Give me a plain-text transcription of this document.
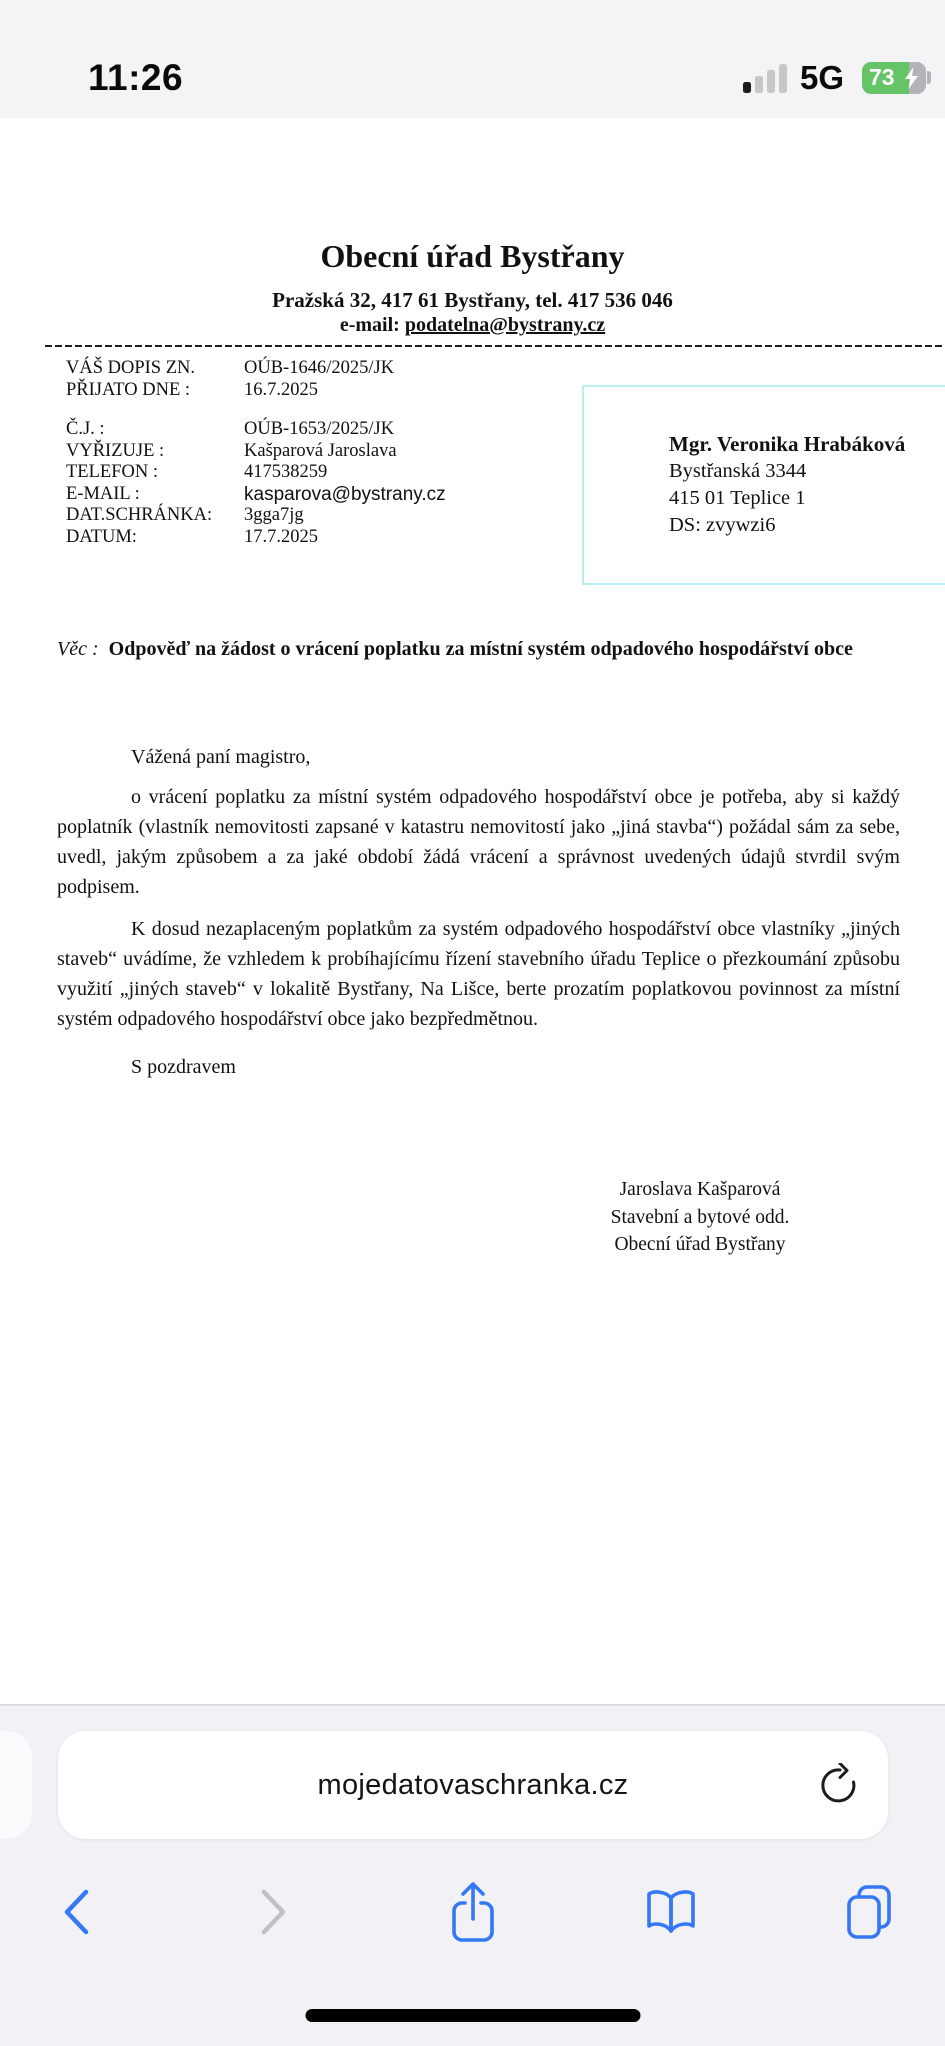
11:26	5G 73
Obecní úřad Bystřany
Pražská 32, 417 61 Bystřany, tel. 417 536 046
e-mail: podatelna@bystrany.cz
VÁŠ DOPIS ZN.	OÚB-1646/2025/JK
PŘIJATO DNE :	16.7.2025
Č.J. :	OÚB-1653/2025/JK
VYŘIZUJE :	Kašparová Jaroslava
TELEFON :	417538259
E-MAIL :	kasparova@bystrany.cz
DAT.SCHRÁNKA:	3gga7jg
DATUM:	17.7.2025
Mgr. Veronika Hrabáková
Bystřanská 3344
415 01 Teplice 1
DS: zvywzi6
Věc : Odpověď na žádost o vrácení poplatku za místní systém odpadového hospodářství obce
Vážená paní magistro,
o vrácení poplatku za místní systém odpadového hospodářství obce je potřeba, aby si každý poplatník (vlastník nemovitosti zapsané v katastru nemovitostí jako „jiná stavba“) požádal sám za sebe, uvedl, jakým způsobem a za jaké období žádá vrácení a správnost uvedených údajů stvrdil svým podpisem.
K dosud nezaplaceným poplatkům za systém odpadového hospodářství obce vlastníky „jiných staveb“ uvádíme, že vzhledem k probíhajícímu řízení stavebního úřadu Teplice o přezkoumání způsobu využití „jiných staveb“ v lokalitě Bystřany, Na Lišce, berte prozatím poplatkovou povinnost za místní systém odpadového hospodářství obce jako bezpředmětnou.
S pozdravem
Jaroslava Kašparová
Stavební a bytové odd.
Obecní úřad Bystřany
mojedatovaschranka.cz
